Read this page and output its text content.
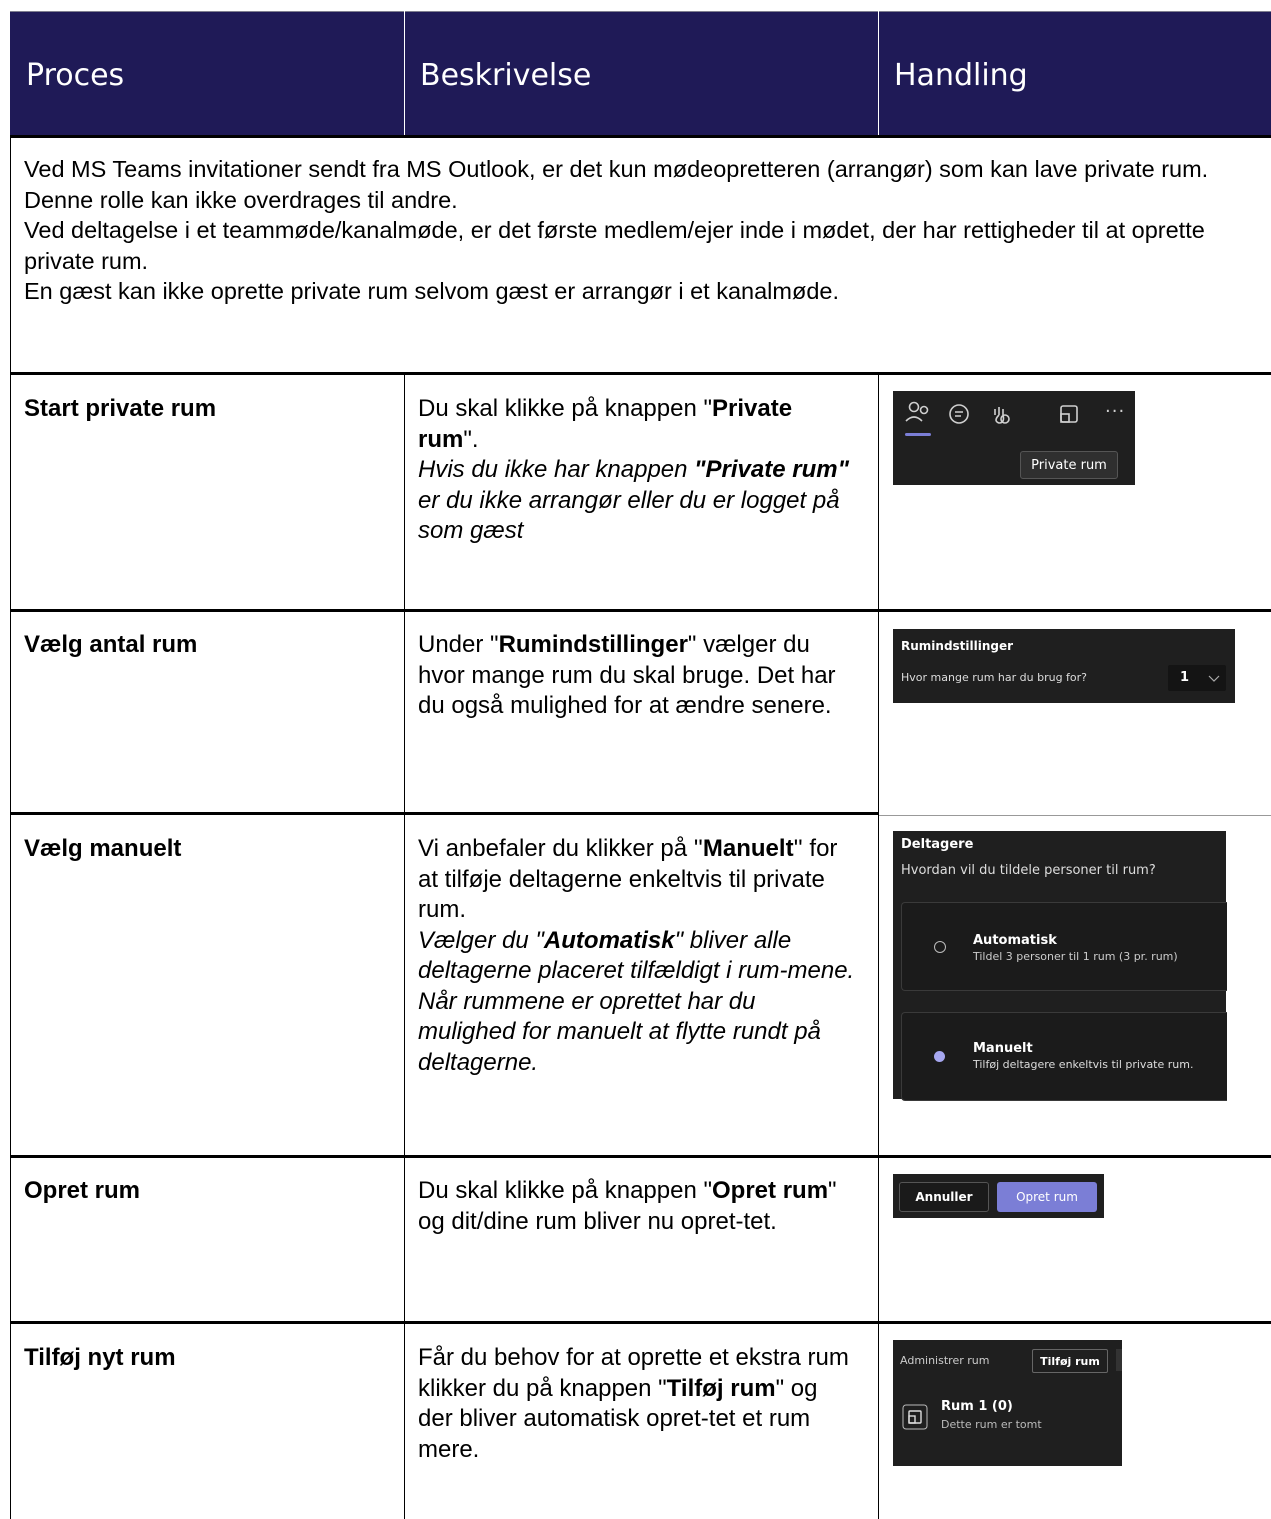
Proces	Beskrivelse	Handling

Ved MS Teams invitationer sendt fra MS Outlook, er det kun mødeopretteren (arrangør) som kan lave private rum. Denne rolle kan ikke overdrages til andre.

Ved deltagelse i et teammøde/kanalmøde, er det første medlem/ejer inde i mødet, der har rettigheder til at oprette private rum.

En gæst kan ikke oprette private rum selvom gæst er arrangør i et kanalmøde.

Start private rum	Du skal klikke på knappen "Private rum".

Hvis du ikke har knappen "Private rum" er du ikke arrangør eller du er logget på som gæst

···
Private rum
Vælg antal rum	Under "Rumindstillinger" vælger du hvor mange rum du skal bruge. Det har du også mulighed for at ændre senere.

Rumindstillinger
Hvor mange rum har du brug for?	1
Vælg manuelt	Vi anbefaler du klikker på ''Manuelt'' for at tilføje deltagerne enkeltvis til private rum.

Vælger du "Automatisk" bliver alle deltagerne placeret tilfældigt i rum-mene. Når rummene er oprettet har du mulighed for manuelt at flytte rundt på deltagerne.

Deltagere
Hvordan vil du tildele personer til rum?
Automatisk
Tildel 3 personer til 1 rum (3 pr. rum)
Manuelt
Tilføj deltagere enkeltvis til private rum.
Opret rum	Du skal klikke på knappen "Opret rum" og dit/dine rum bliver nu opret-tet.

Annuller	Opret rum
Tilføj nyt rum	Får du behov for at oprette et ekstra rum klikker du på knappen "Tilføj rum" og der bliver automatisk opret-tet et rum mere.

Administrer rum	Tilføj rum
Rum 1 (0)
Dette rum er tomt
